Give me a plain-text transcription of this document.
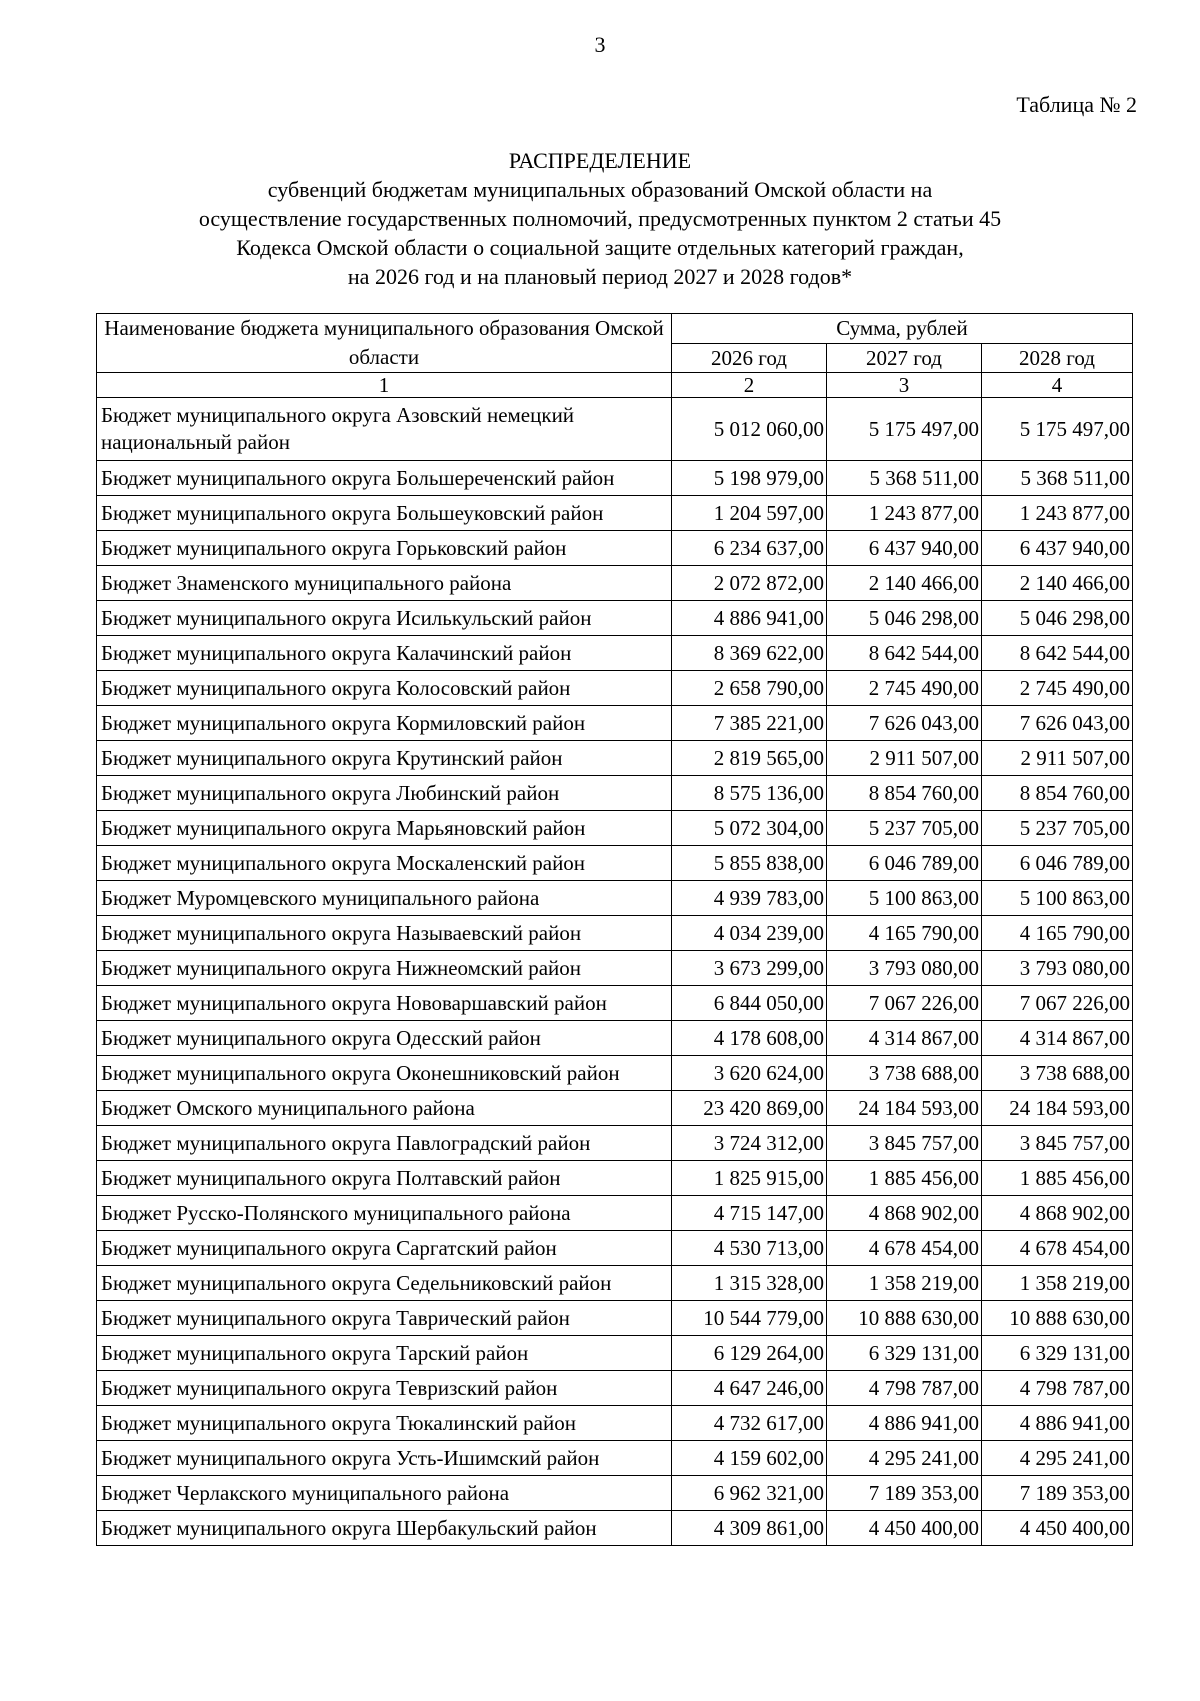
3
Таблица № 2
РАСПРЕДЕЛЕНИЕ
субвенций бюджетам муниципальных образований Омской области на
осуществление государственных полномочий, предусмотренных пунктом 2 статьи 45
Кодекса Омской области о социальной защите отдельных категорий граждан,
на 2026 год и на плановый период 2027 и 2028 годов*
Наименование бюджета муниципального образования Омской области	Сумма, рублей		
	2026 год	2027 год	2028 год
1	2	3	4
Бюджет муниципального округа Азовский немецкий национальный район	5 012 060,00	5 175 497,00	5 175 497,00
Бюджет муниципального округа Большереченский район	5 198 979,00	5 368 511,00	5 368 511,00
Бюджет муниципального округа Большеуковский район	1 204 597,00	1 243 877,00	1 243 877,00
Бюджет муниципального округа Горьковский район	6 234 637,00	6 437 940,00	6 437 940,00
Бюджет Знаменского муниципального района	2 072 872,00	2 140 466,00	2 140 466,00
Бюджет муниципального округа Исилькульский район	4 886 941,00	5 046 298,00	5 046 298,00
Бюджет муниципального округа Калачинский район	8 369 622,00	8 642 544,00	8 642 544,00
Бюджет муниципального округа Колосовский район	2 658 790,00	2 745 490,00	2 745 490,00
Бюджет муниципального округа Кормиловский район	7 385 221,00	7 626 043,00	7 626 043,00
Бюджет муниципального округа Крутинский район	2 819 565,00	2 911 507,00	2 911 507,00
Бюджет муниципального округа Любинский район	8 575 136,00	8 854 760,00	8 854 760,00
Бюджет муниципального округа Марьяновский район	5 072 304,00	5 237 705,00	5 237 705,00
Бюджет муниципального округа Москаленский район	5 855 838,00	6 046 789,00	6 046 789,00
Бюджет Муромцевского муниципального района	4 939 783,00	5 100 863,00	5 100 863,00
Бюджет муниципального округа Называевский район	4 034 239,00	4 165 790,00	4 165 790,00
Бюджет муниципального округа Нижнеомский район	3 673 299,00	3 793 080,00	3 793 080,00
Бюджет муниципального округа Нововаршавский район	6 844 050,00	7 067 226,00	7 067 226,00
Бюджет муниципального округа Одесский район	4 178 608,00	4 314 867,00	4 314 867,00
Бюджет муниципального округа Оконешниковский район	3 620 624,00	3 738 688,00	3 738 688,00
Бюджет Омского муниципального района	23 420 869,00	24 184 593,00	24 184 593,00
Бюджет муниципального округа Павлоградский район	3 724 312,00	3 845 757,00	3 845 757,00
Бюджет муниципального округа Полтавский район	1 825 915,00	1 885 456,00	1 885 456,00
Бюджет Русско-Полянского муниципального района	4 715 147,00	4 868 902,00	4 868 902,00
Бюджет муниципального округа Саргатский район	4 530 713,00	4 678 454,00	4 678 454,00
Бюджет муниципального округа Седельниковский район	1 315 328,00	1 358 219,00	1 358 219,00
Бюджет муниципального округа Таврический район	10 544 779,00	10 888 630,00	10 888 630,00
Бюджет муниципального округа Тарский район	6 129 264,00	6 329 131,00	6 329 131,00
Бюджет муниципального округа Тевризский район	4 647 246,00	4 798 787,00	4 798 787,00
Бюджет муниципального округа Тюкалинский район	4 732 617,00	4 886 941,00	4 886 941,00
Бюджет муниципального округа Усть-Ишимский район	4 159 602,00	4 295 241,00	4 295 241,00
Бюджет Черлакского муниципального района	6 962 321,00	7 189 353,00	7 189 353,00
Бюджет муниципального округа Шербакульский район	4 309 861,00	4 450 400,00	4 450 400,00
